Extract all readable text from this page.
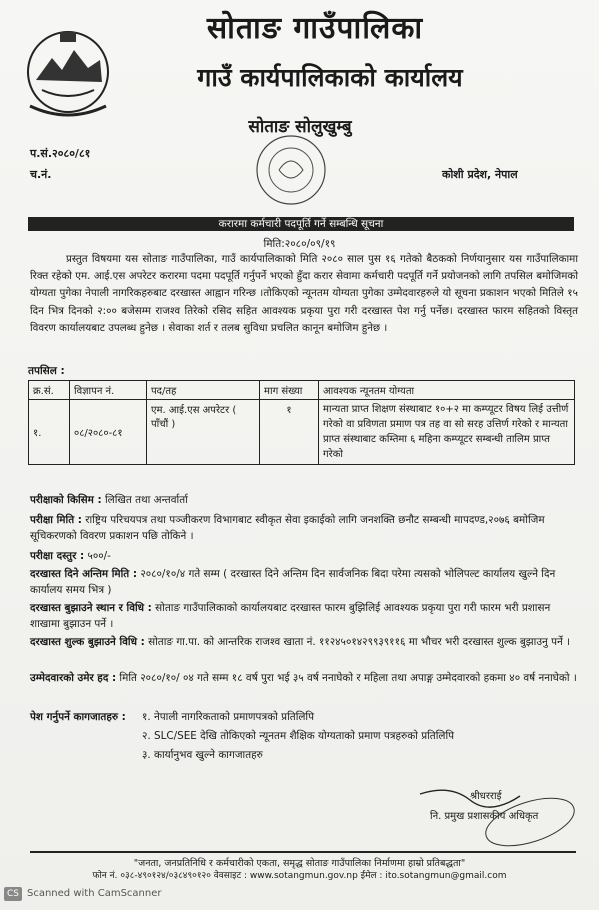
सोताङ गाउँपालिका
गाउँ कार्यपालिकाको कार्यालय
सोताङ सोलुखुम्बु
प.सं.२०८०/८१
च.नं.	कोशी प्रदेश, नेपाल
करारमा कर्मचारी पदपूर्ति गर्ने सम्बन्धि सूचना
मिति:२०८०/०९/१९
प्रस्तुत विषयमा यस सोताङ गाउँपालिका, गाउँ कार्यपालिकाको मिति २०८० साल पुस १६ गतेको बैठकको निर्णयानुसार यस गाउँपालिकामा रिक्त रहेको एम. आई.एस अपरेटर करारमा पदमा पदपूर्ति गर्नुपर्ने भएको हुँदा करार सेवामा कर्मचारी पदपूर्ति गर्ने प्रयोजनको लागि तपसिल बमोजिमको योग्यता पुगेका नेपाली नागरिकहरुबाट दरखास्त आह्वान गरिन्छ ।तोकिएको न्यूनतम योग्यता पुगेका उम्मेदवारहरुले यो सूचना प्रकाशन भएको मितिले १५ दिन भित्र दिनको २:०० बजेसम्म राजश्व तिरेको रसिद सहित आवश्यक प्रकृया पुरा गरी दरखास्त पेश गर्नु पर्नेछ। दरखास्त फारम सहितको विस्तृत विवरण कार्यालयबाट उपलब्ध हुनेछ । सेवाका शर्त र तलब सुविधा प्रचलित कानून बमोजिम हुनेछ ।
तपसिल :
क्र.सं.	विज्ञापन नं.	पद/तह	माग संख्या	आवश्यक न्यूनतम योग्यता
१.	०८/२०८०-८१	एम. आई.एस अपरेटर ( पाँचौं )	१	मान्यता प्राप्त शिक्षण संस्थाबाट १०+२ मा कम्प्यूटर विषय लिई उत्तीर्ण गरेको वा प्रविणता प्रमाण पत्र तह वा सो सरह उत्तिर्ण गरेको र मान्यता प्राप्त संस्थाबाट कम्तिमा ६ महिना कम्प्यूटर सम्बन्धी तालिम प्राप्त गरेको
परीक्षाको किसिम : लिखित तथा अन्तर्वार्ता
परीक्षा मिति : राष्ट्रिय परिचयपत्र तथा पञ्जीकरण विभागबाट स्वीकृत सेवा इकाईको लागि जनशक्ति छनौट सम्बन्धी मापदण्ड,२०७६ बमोजिम सूचिकरणको विवरण प्रकाशन पछि तोकिने ।
परीक्षा दस्तुर : ५००/-
दरखास्त दिने अन्तिम मिति : २०८०/१०/४ गते सम्म ( दरखास्त दिने अन्तिम दिन सार्वजनिक बिदा परेमा त्यसको भोलिपल्ट कार्यालय खुल्ने दिन कार्यालय समय भित्र )
दरखास्त बुझाउने स्थान र विधि : सोताङ गाउँपालिकाको कार्यालयबाट दरखास्त फारम बुझिलिई आवश्यक प्रकृया पुरा गरी फारम भरी प्रशासन शाखामा बुझाउन पर्ने ।
दरखास्त शुल्क बुझाउने विधि : सोताङ गा.पा. को आन्तरिक राजश्व खाता नं. ११२४५०१४२९९३९११६ मा भौचर भरी दरखास्त शुल्क बुझाउनु पर्ने ।
उम्मेदवारको उमेर हद : मिति २०८०/१०/ ०४ गते सम्म १८ वर्ष पुरा भई ३५ वर्ष ननाघेको र महिला तथा अपाङ्ग उम्मेदवारको हकमा ४० वर्ष ननाघेको ।
पेश गर्नुपर्ने कागजातहरु : १. नेपाली नागरिकताको प्रमाणपत्रको प्रतिलिपि
२. SLC/SEE देखि तोकिएको न्यूनतम शैक्षिक योग्यताको प्रमाण पत्रहरुको प्रतिलिपि
३. कार्यानुभव खुल्ने कागजातहरु
श्रीधरराई
नि. प्रमुख प्रशासकीय अधिकृत
"जनता, जनप्रतिनिधि र कर्मचारीको एकता, समृद्ध सोताङ गाउँपालिका निर्माणमा हाम्रो प्रतिबद्धता"
फोन नं. ०३८-४९०१२४/०३८४९०१२० वेवसाइट : www.sotangmun.gov.np ईमेल : ito.sotangmun@gmail.com
CS Scanned with CamScanner
